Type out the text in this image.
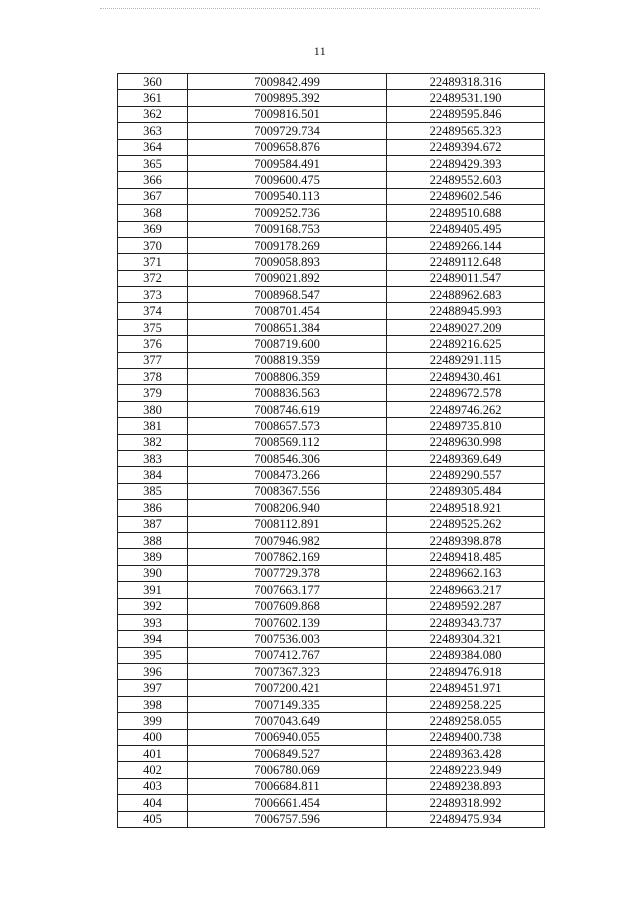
11
360	7009842.499	22489318.316
361	7009895.392	22489531.190
362	7009816.501	22489595.846
363	7009729.734	22489565.323
364	7009658.876	22489394.672
365	7009584.491	22489429.393
366	7009600.475	22489552.603
367	7009540.113	22489602.546
368	7009252.736	22489510.688
369	7009168.753	22489405.495
370	7009178.269	22489266.144
371	7009058.893	22489112.648
372	7009021.892	22489011.547
373	7008968.547	22488962.683
374	7008701.454	22488945.993
375	7008651.384	22489027.209
376	7008719.600	22489216.625
377	7008819.359	22489291.115
378	7008806.359	22489430.461
379	7008836.563	22489672.578
380	7008746.619	22489746.262
381	7008657.573	22489735.810
382	7008569.112	22489630.998
383	7008546.306	22489369.649
384	7008473.266	22489290.557
385	7008367.556	22489305.484
386	7008206.940	22489518.921
387	7008112.891	22489525.262
388	7007946.982	22489398.878
389	7007862.169	22489418.485
390	7007729.378	22489662.163
391	7007663.177	22489663.217
392	7007609.868	22489592.287
393	7007602.139	22489343.737
394	7007536.003	22489304.321
395	7007412.767	22489384.080
396	7007367.323	22489476.918
397	7007200.421	22489451.971
398	7007149.335	22489258.225
399	7007043.649	22489258.055
400	7006940.055	22489400.738
401	7006849.527	22489363.428
402	7006780.069	22489223.949
403	7006684.811	22489238.893
404	7006661.454	22489318.992
405	7006757.596	22489475.934
